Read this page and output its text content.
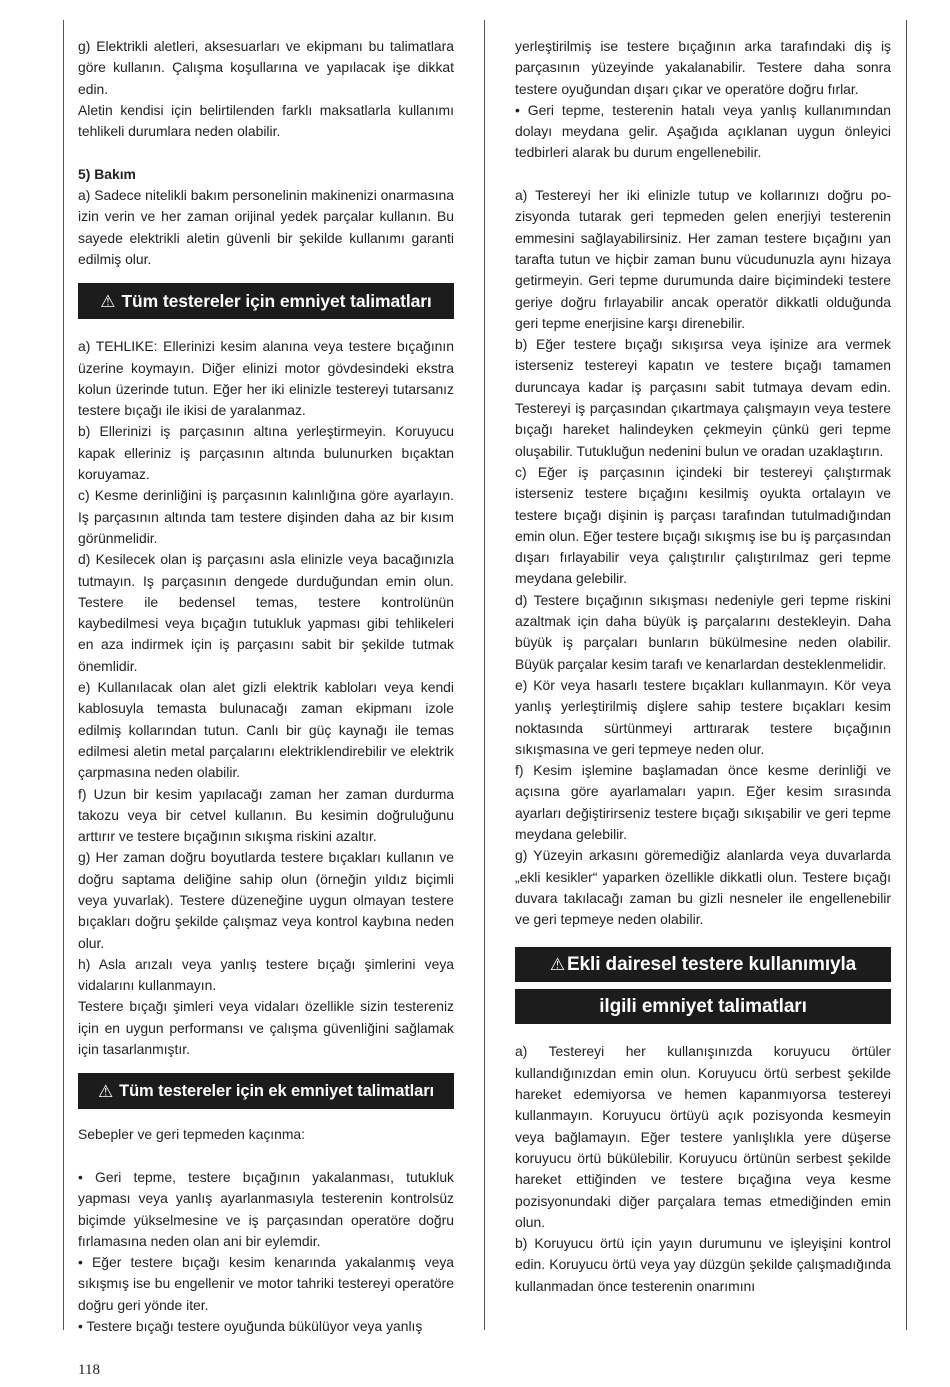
g) Elektrikli aletleri, aksesuarları ve ekipmanı bu talimatlara göre kullanın. Çalışma koşullarına ve yapılacak işe dikkat edin.

Aletin kendisi için belirtilenden farklı maksatlarla kullanımı tehlikeli durumlara neden olabilir.

5) Bakım

a) Sadece nitelikli bakım personelinin makinenizi onarmasına izin verin ve her zaman orijinal yedek parçalar kullanın. Bu sayede elektrikli aletin güvenli bir şekilde kullanımı garanti edilmiş olur.

⚠ Tüm testereler için emniyet talimatları

a) TEHLIKE: Ellerinizi kesim alanına veya testere bıçağının üzerine koymayın. Diğer elinizi motor gövdesindeki ekstra kolun üzerinde tutun. Eğer her iki elinizle testereyi tutarsanız testere bıçağı ile ikisi de yaralanmaz.

b) Ellerinizi iş parçasının altına yerleştirmeyin. Koruyucu kapak elleriniz iş parçasının altında bulunurken bıçaktan koruyamaz.

c) Kesme derinliğini iş parçasının kalınlığına göre ayarlayın. Iş parçasının altında tam testere dişinden daha az bir kısım görünmelidir.

d) Kesilecek olan iş parçasını asla elinizle veya bacağınızla tutmayın. Iş parçasının dengede durduğundan emin olun. Testere ile bedensel temas, testere kontrolünün kaybedilmesi veya bıçağın tutukluk yapması gibi tehlikeleri en aza indirmek için iş parçasını sabit bir şekilde tutmak önemlidir.

e) Kullanılacak olan alet gizli elektrik kabloları veya kendi kablosuyla temasta bulunacağı zaman ekipmanı izole edilmiş kollarından tutun. Canlı bir güç kaynağı ile temas edilmesi aletin metal parçalarını elektriklendirebilir ve elektrik çarpmasına neden olabilir.

f) Uzun bir kesim yapılacağı zaman her zaman durdurma takozu veya bir cetvel kullanın. Bu kesimin doğruluğunu arttırır ve testere bıçağının sıkışma riskini azaltır.

g) Her zaman doğru boyutlarda testere bıçakları kullanın ve doğru saptama deliğine sahip olun (örneğin yıldız biçimli veya yuvarlak). Testere düzeneğine uygun olmayan testere bıçakları doğru şekilde çalışmaz veya kontrol kaybına neden olur.

h) Asla arızalı veya yanlış testere bıçağı şimlerini veya vidalarını kullanmayın.

Testere bıçağı şimleri veya vidaları özellikle sizin testereniz için en uygun performansı ve çalışma güvenliğini sağlamak için tasarlanmıştır.

⚠ Tüm testereler için ek emniyet talimatları

Sebepler ve geri tepmeden kaçınma:

• Geri tepme, testere bıçağının yakalanması, tutukluk yapması veya yanlış ayarlanmasıyla testerenin kontrolsüz biçimde yükselmesine ve iş parçasından operatöre doğru fırlamasına neden olan ani bir eylemdir.

• Eğer testere bıçağı kesim kenarında yakalanmış veya sıkışmış ise bu engellenir ve motor tahriki testereyi operatöre doğru geri yönde iter.

• Testere bıçağı testere oyuğunda bükülüyor veya yanlış

yerleştirilmiş ise testere bıçağının arka tarafındaki diş iş parçasının yüzeyinde yakalanabilir. Testere daha sonra testere oyuğundan dışarı çıkar ve operatöre doğru fırlar.

• Geri tepme, testerenin hatalı veya yanlış kullanımından dolayı meydana gelir. Aşağıda açıklanan uygun önleyici tedbirleri alarak bu durum engellenebilir.

a) Testereyi her iki elinizle tutup ve kollarınızı doğru pozisyonda tutarak geri tepmeden gelen enerjiyi testerenin emmesini sağlayabilirsiniz. Her zaman testere bıçağını yan tarafta tutun ve hiçbir zaman bunu vücudunuzla aynı hizaya getirmeyin. Geri tepme durumunda daire biçimindeki testere geriye doğru fırlayabilir ancak operatör dikkatli olduğunda geri tepme enerjisine karşı direnebilir.

b) Eğer testere bıçağı sıkışırsa veya işinize ara vermek isterseniz testereyi kapatın ve testere bıçağı tamamen duruncaya kadar iş parçasını sabit tutmaya devam edin. Testereyi iş parçasından çıkartmaya çalışmayın veya testere bıçağı hareket halindeyken çekmeyin çünkü geri tepme oluşabilir. Tutukluğun nedenini bulun ve oradan uzaklaştırın.

c) Eğer iş parçasının içindeki bir testereyi çalıştırmak isterseniz testere bıçağını kesilmiş oyukta ortalayın ve testere bıçağı dişinin iş parçası tarafından tutulmadığından emin olun. Eğer testere bıçağı sıkışmış ise bu iş parçasından dışarı fırlayabilir veya çalıştırılır çalıştırılmaz geri tepme meydana gelebilir.

d) Testere bıçağının sıkışması nedeniyle geri tepme riskini azaltmak için daha büyük iş parçalarını destekleyin. Daha büyük iş parçaları bunların bükülmesine neden olabilir. Büyük parçalar kesim tarafı ve kenarlardan desteklenmelidir.

e) Kör veya hasarlı testere bıçakları kullanmayın. Kör veya yanlış yerleştirilmiş dişlere sahip testere bıçakları kesim noktasında sürtünmeyi arttırarak testere bıçağının sıkışmasına ve geri tepmeye neden olur.

f) Kesim işlemine başlamadan önce kesme derinliği ve açısına göre ayarlamaları yapın. Eğer kesim sırasında ayarları değiştirirseniz testere bıçağı sıkışabilir ve geri tepme meydana gelebilir.

g) Yüzeyin arkasını göremediğiz alanlarda veya duvarlarda „ekli kesikler“ yaparken özellikle dikkatli olun. Testere bıçağı duvara takılacağı zaman bu gizli nesneler ile engellenebilir ve geri tepmeye neden olabilir.

⚠ Ekli dairesel testere kullanımıyla
ilgili emniyet talimatları

a) Testereyi her kullanışınızda koruyucu örtüler kullandığınızdan emin olun. Koruyucu örtü serbest şekilde hareket edemiyorsa ve hemen kapanmıyorsa testereyi kullanmayın. Koruyucu örtüyü açık pozisyonda kesmeyin veya bağlamayın. Eğer testere yanlışlıkla yere düşerse koruyucu örtü bükülebilir. Koruyucu örtünün serbest şekilde hareket ettiğinden ve testere bıçağına veya kesme pozisyonundaki diğer parçalara temas etmediğinden emin olun.

b) Koruyucu örtü için yayın durumunu ve işleyişini kontrol edin. Koruyucu örtü veya yay düzgün şekilde çalışmadığında kullanmadan önce testerenin onarımını

118
